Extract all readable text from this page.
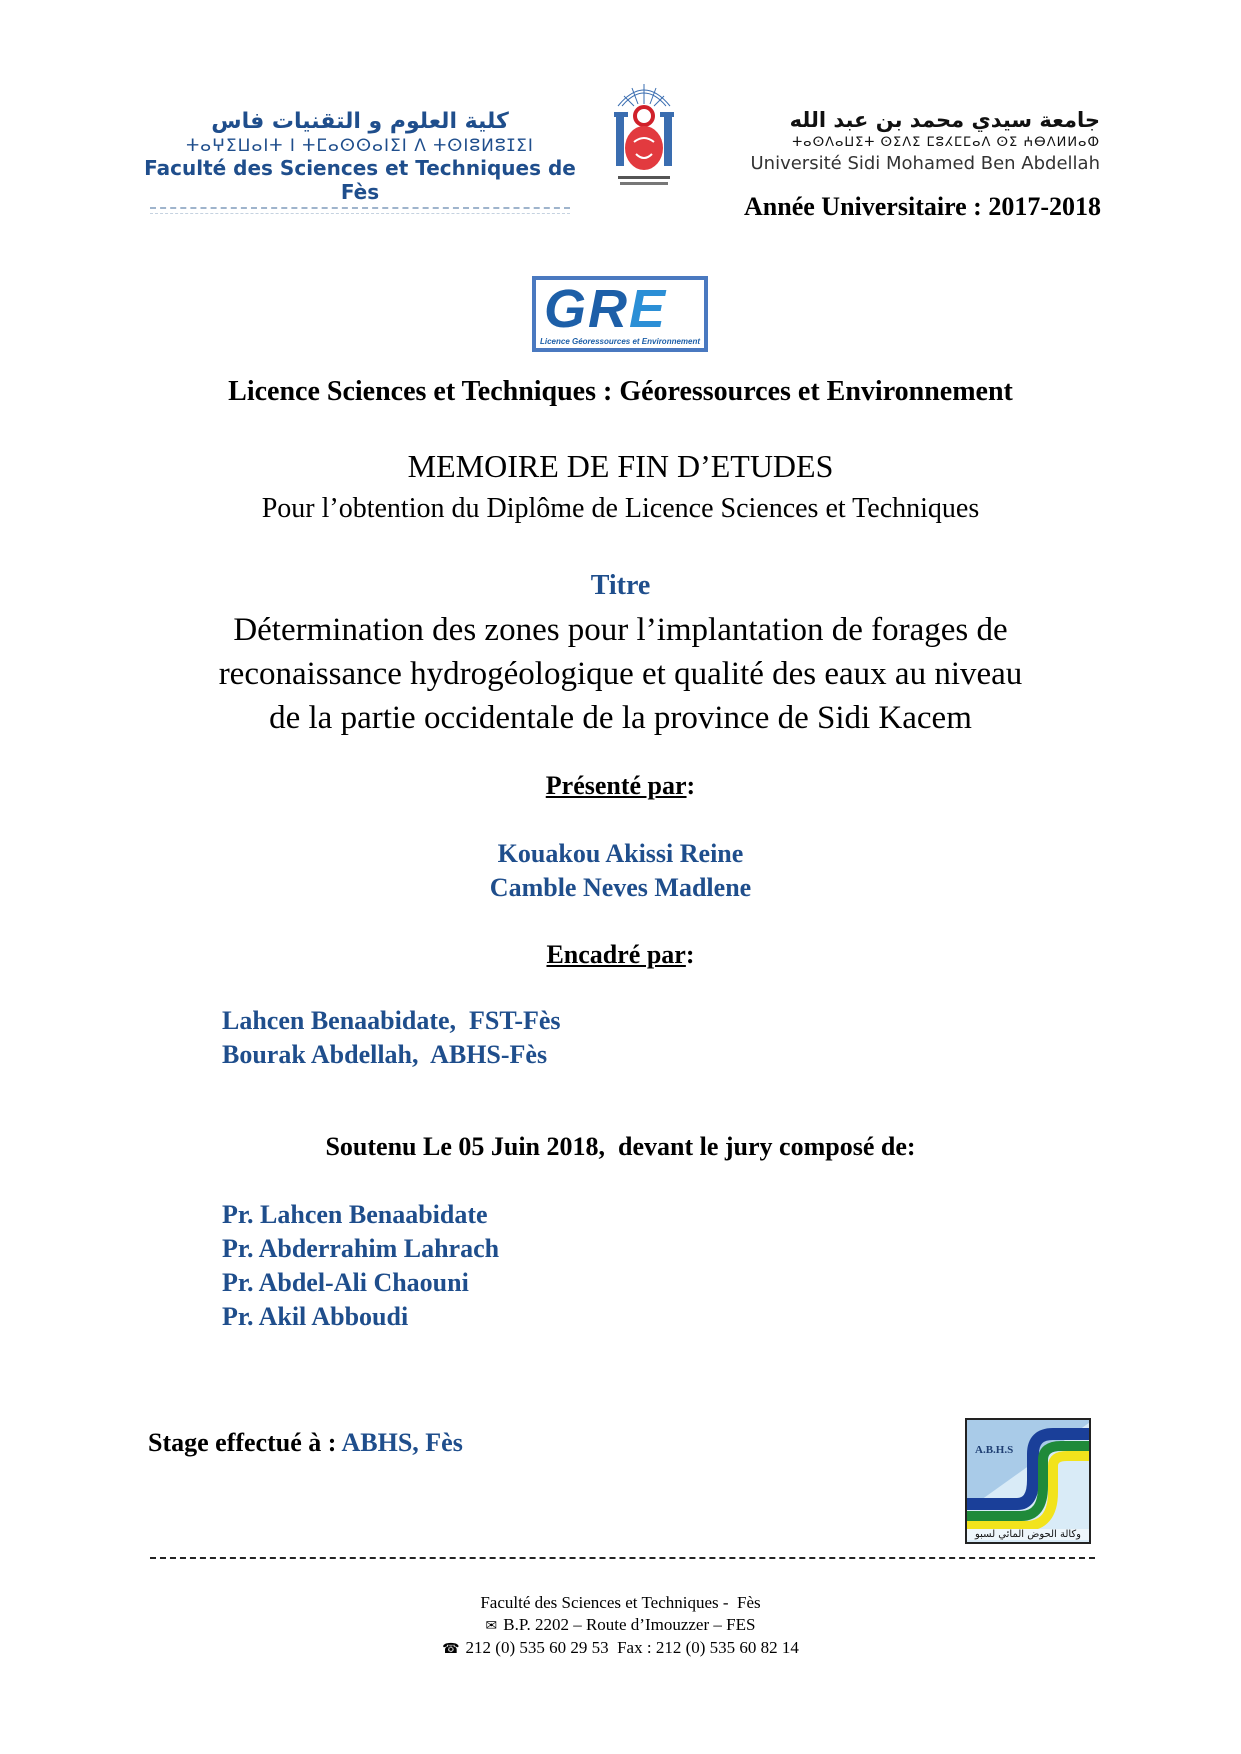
كلية العلوم و التقنيات فاس
ⵜⴰⵖⵉⵡⴰⵏⵜ ⵏ ⵜⵎⴰⵙⵙⴰⵏⵉⵏ ⴷ ⵜⵙⵏⵓⵍⵓⵊⵉⵏ
Faculté des Sciences et Techniques de Fès
جامعة سيدي محمد بن عبد الله
ⵜⴰⵙⴷⴰⵡⵉⵜ ⵙⵉⴷⵉ ⵎⵓⵃⵎⵎⴰⴷ ⵙⵉ ⵄⴱⴷⵍⵍⴰⵀ
Université Sidi Mohamed Ben Abdellah
Année Universitaire : 2017-2018
GRE
Licence Géoressources et Environnement
Licence Sciences et Techniques : Géoressources et Environnement
MEMOIRE DE FIN D’ETUDES
Pour l’obtention du Diplôme de Licence Sciences et Techniques
Titre
Détermination des zones pour l’implantation de forages de
reconaissance hydrogéologique et qualité des eaux au niveau
de la partie occidentale de la province de Sidi Kacem
Présenté par:
Kouakou Akissi Reine
Camble Neves Madlene
Encadré par:
Lahcen Benaabidate,  FST-Fès
Bourak Abdellah,  ABHS-Fès
Soutenu Le 05 Juin 2018,  devant le jury composé de:
Pr. Lahcen Benaabidate
Pr. Abderrahim Lahrach
Pr. Abdel-Ali Chaouni
Pr. Akil Abboudi
Stage effectué à : ABHS, Fès	A.B.H.S
وكالة الحوض المائي لسبو
Faculté des Sciences et Techniques -  Fès
✉ B.P. 2202 – Route d’Imouzzer – FES
☎ 212 (0) 535 60 29 53  Fax : 212 (0) 535 60 82 14
